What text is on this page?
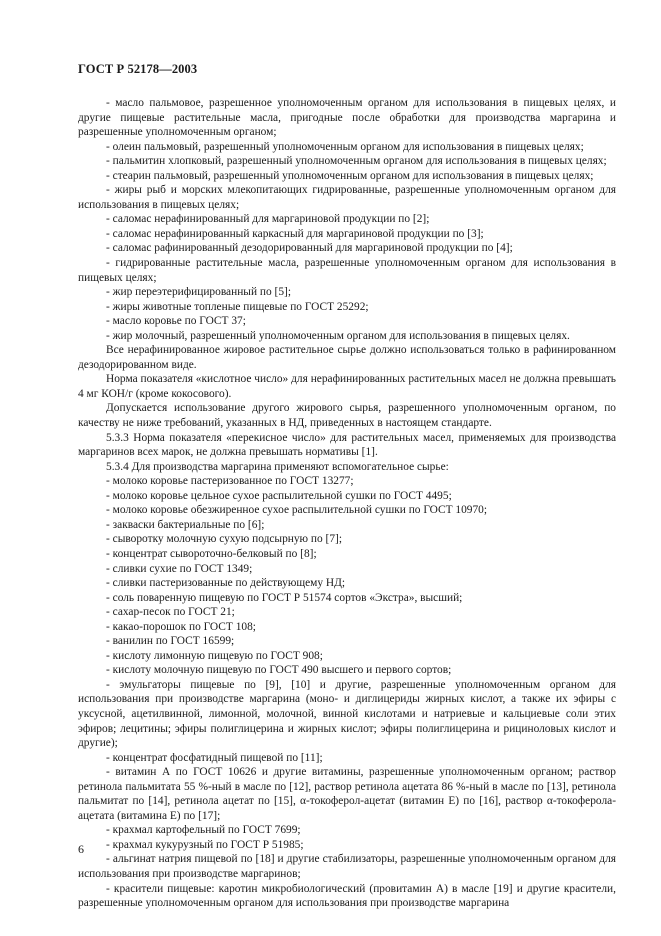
ГОСТ Р 52178—2003

- масло пальмовое, разрешенное уполномоченным органом для использования в пищевых целях, и другие пищевые растительные масла, пригодные после обработки для производства маргарина и разрешенные уполномоченным органом;

- олеин пальмовый, разрешенный уполномоченным органом для использования в пищевых целях;

- пальмитин хлопковый, разрешенный уполномоченным органом для использования в пищевых целях;

- стеарин пальмовый, разрешенный уполномоченным органом для использования в пищевых целях;

- жиры рыб и морских млекопитающих гидрированные, разрешенные уполномоченным органом для использования в пищевых целях;

- саломас нерафинированный для маргариновой продукции по [2];

- саломас нерафинированный каркасный для маргариновой продукции по [3];

- саломас рафинированный дезодорированный для маргариновой продукции по [4];

- гидрированные растительные масла, разрешенные уполномоченным органом для использования в пищевых целях;

- жир переэтерифицированный по [5];

- жиры животные топленые пищевые по ГОСТ 25292;

- масло коровье по ГОСТ 37;

- жир молочный, разрешенный уполномоченным органом для использования в пищевых целях.

Все нерафинированное жировое растительное сырье должно использоваться только в рафинированном дезодорированном виде.

Норма показателя «кислотное число» для нерафинированных растительных масел не должна превышать 4 мг КОН/г (кроме кокосового).

Допускается использование другого жирового сырья, разрешенного уполномоченным органом, по качеству не ниже требований, указанных в НД, приведенных в настоящем стандарте.

5.3.3 Норма показателя «перекисное число» для растительных масел, применяемых для производства маргаринов всех марок, не должна превышать нормативы [1].

5.3.4 Для производства маргарина применяют вспомогательное сырье:

- молоко коровье пастеризованное по ГОСТ 13277;

- молоко коровье цельное сухое распылительной сушки по ГОСТ 4495;

- молоко коровье обезжиренное сухое распылительной сушки по ГОСТ 10970;

- закваски бактериальные по [6];

- сыворотку молочную сухую подсырную по [7];

- концентрат сывороточно-белковый по [8];

- сливки сухие по ГОСТ 1349;

- сливки пастеризованные по действующему НД;

- соль поваренную пищевую по ГОСТ Р 51574 сортов «Экстра», высший;

- сахар-песок по ГОСТ 21;

- какао-порошок по ГОСТ 108;

- ванилин по ГОСТ 16599;

- кислоту лимонную пищевую по ГОСТ 908;

- кислоту молочную пищевую по ГОСТ 490 высшего и первого сортов;

- эмульгаторы пищевые по [9], [10] и другие, разрешенные уполномоченным органом для использования при производстве маргарина (моно- и диглицериды жирных кислот, а также их эфиры с уксусной, ацетилвинной, лимонной, молочной, винной кислотами и натриевые и кальциевые соли этих эфиров; лецитины; эфиры полиглицерина и жирных кислот; эфиры полиглицерина и рициноловых кислот и другие);

- концентрат фосфатидный пищевой по [11];

- витамин А по ГОСТ 10626 и другие витамины, разрешенные уполномоченным органом; раствор ретинола пальмитата 55 %-ный в масле по [12], раствор ретинола ацетата 86 %-ный в масле по [13], ретинола пальмитат по [14], ретинола ацетат по [15], α-токоферол-ацетат (витамин Е) по [16], раствор α-токоферола-ацетата (витамина Е) по [17];

- крахмал картофельный по ГОСТ 7699;

- крахмал кукурузный по ГОСТ Р 51985;

- альгинат натрия пищевой по [18] и другие стабилизаторы, разрешенные уполномоченным органом для использования при производстве маргаринов;

- красители пищевые: каротин микробиологический (провитамин А) в масле [19] и другие красители, разрешенные уполномоченным органом для использования при производстве маргарина

6
